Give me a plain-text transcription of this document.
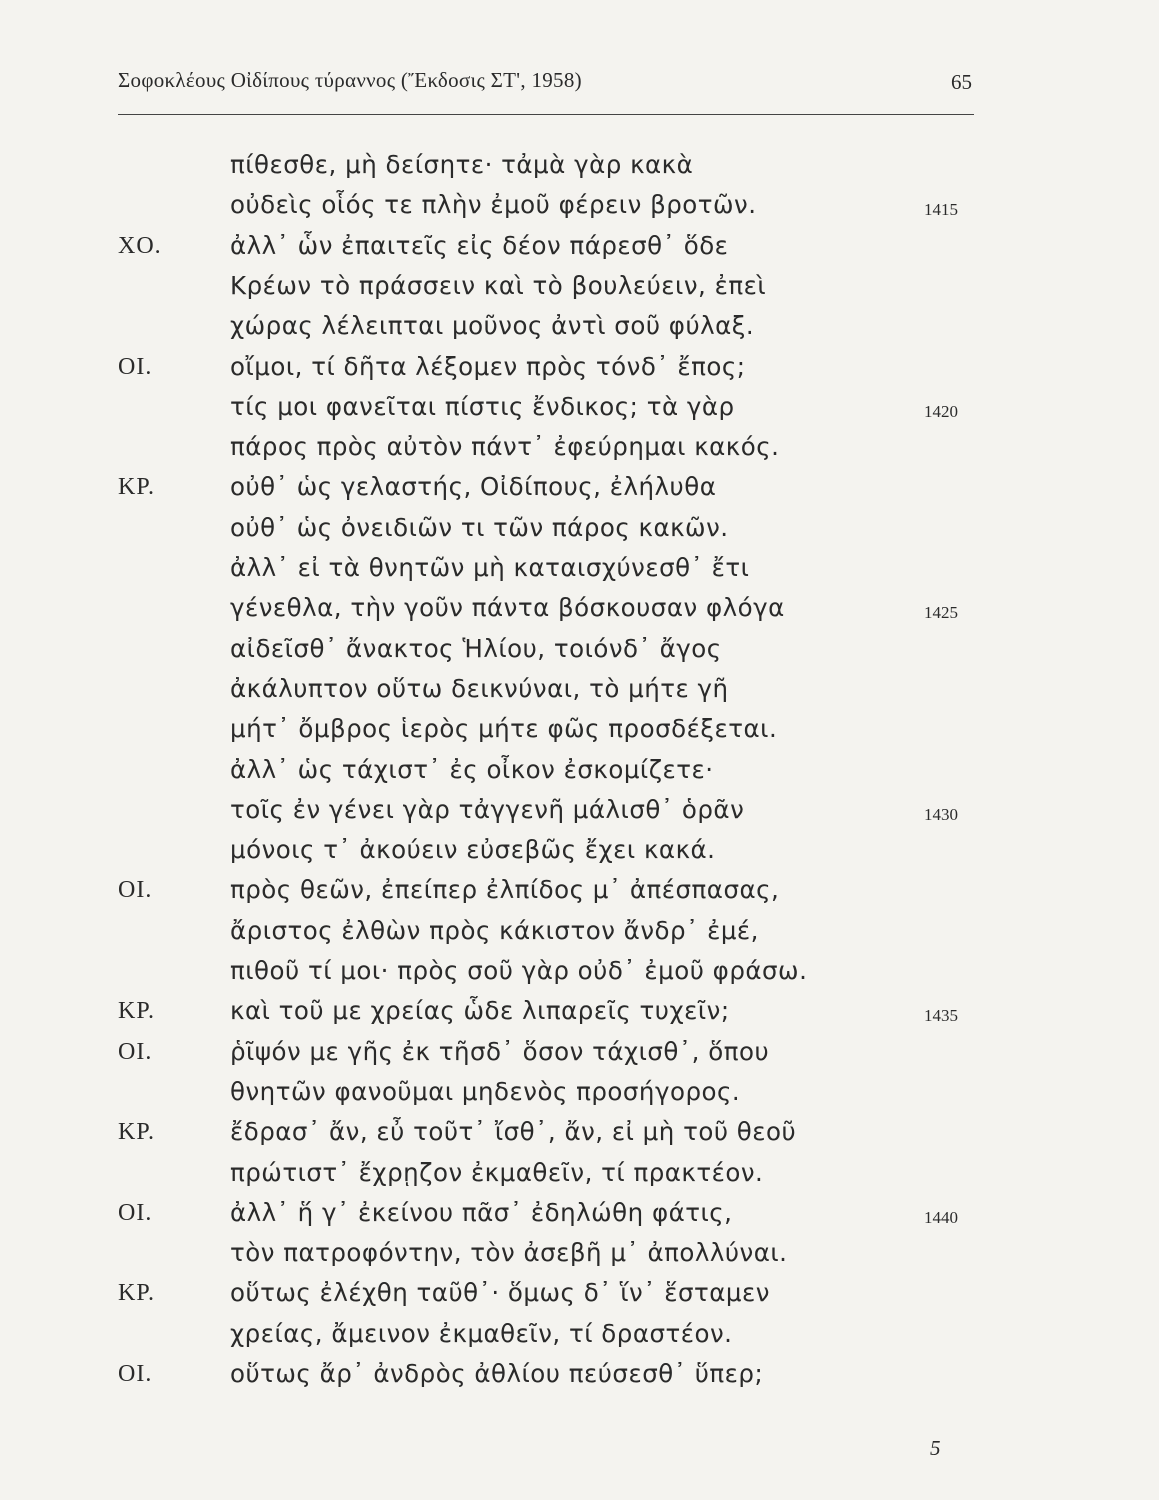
Σοφοκλέους Οἰδίπους τύραννος (Ἔκδοσις ΣΤ', 1958)	65
πίθεσθε, μὴ δείσητε· τἀμὰ γὰρ κακὰ
οὐδεὶς οἷός τε πλὴν ἐμοῦ φέρειν βροτῶν.	1415
ΧΟ.	ἀλλ᾽ ὧν ἐπαιτεῖς εἰς δέον πάρεσθ᾽ ὅδε
Κρέων τὸ πράσσειν καὶ τὸ βουλεύειν, ἐπεὶ
χώρας λέλειπται μοῦνος ἀντὶ σοῦ φύλαξ.
ΟΙ.	οἴμοι, τί δῆτα λέξομεν πρὸς τόνδ᾽ ἔπος;
τίς μοι φανεῖται πίστις ἔνδικος; τὰ γὰρ	1420
πάρος πρὸς αὐτὸν πάντ᾽ ἐφεύρημαι κακός.
ΚΡ.	οὐθ᾽ ὡς γελαστής, Οἰδίπους, ἐλήλυθα
οὐθ᾽ ὡς ὀνειδιῶν τι τῶν πάρος κακῶν.
ἀλλ᾽ εἰ τὰ θνητῶν μὴ καταισχύνεσθ᾽ ἔτι
γένεθλα, τὴν γοῦν πάντα βόσκουσαν φλόγα	1425
αἰδεῖσθ᾽ ἄνακτος Ἡλίου, τοιόνδ᾽ ἄγος
ἀκάλυπτον οὕτω δεικνύναι, τὸ μήτε γῆ
μήτ᾽ ὄμβρος ἱερὸς μήτε φῶς προσδέξεται.
ἀλλ᾽ ὡς τάχιστ᾽ ἐς οἶκον ἐσκομίζετε·
τοῖς ἐν γένει γὰρ τἀγγενῆ μάλισθ᾽ ὁρᾶν	1430
μόνοις τ᾽ ἀκούειν εὐσεβῶς ἔχει κακά.
ΟΙ.	πρὸς θεῶν, ἐπείπερ ἐλπίδος μ᾽ ἀπέσπασας,
ἄριστος ἐλθὼν πρὸς κάκιστον ἄνδρ᾽ ἐμέ,
πιθοῦ τί μοι· πρὸς σοῦ γὰρ οὐδ᾽ ἐμοῦ φράσω.
ΚΡ.	καὶ τοῦ με χρείας ὧδε λιπαρεῖς τυχεῖν;	1435
ΟΙ.	ῥῖψόν με γῆς ἐκ τῆσδ᾽ ὅσον τάχισθ᾽, ὅπου
θνητῶν φανοῦμαι μηδενὸς προσήγορος.
ΚΡ.	ἔδρασ᾽ ἄν, εὖ τοῦτ᾽ ἴσθ᾽, ἄν, εἰ μὴ τοῦ θεοῦ
πρώτιστ᾽ ἔχρῃζον ἐκμαθεῖν, τί πρακτέον.
ΟΙ.	ἀλλ᾽ ἥ γ᾽ ἐκείνου πᾶσ᾽ ἐδηλώθη φάτις,	1440
τὸν πατροφόντην, τὸν ἀσεβῆ μ᾽ ἀπολλύναι.
ΚΡ.	οὕτως ἐλέχθη ταῦθ᾽· ὅμως δ᾽ ἵν᾽ ἕσταμεν
χρείας, ἄμεινον ἐκμαθεῖν, τί δραστέον.
ΟΙ.	οὕτως ἄρ᾽ ἀνδρὸς ἀθλίου πεύσεσθ᾽ ὕπερ;
5
